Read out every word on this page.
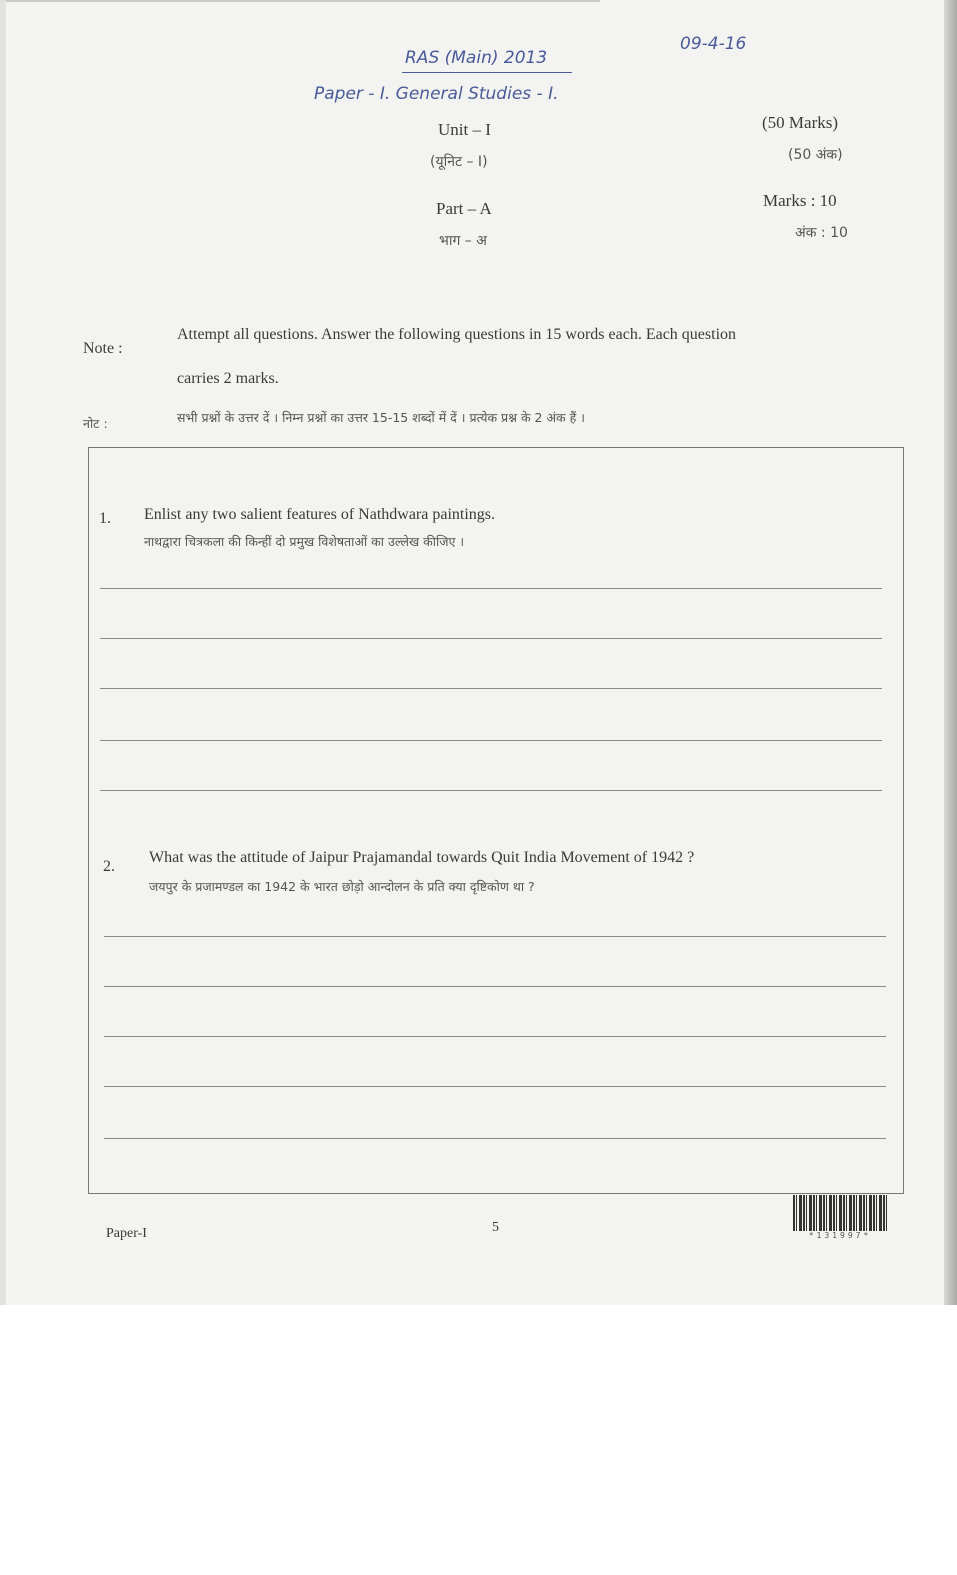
RAS (Main) 2013
09-4-16
Paper - I. General Studies - I.
Unit – I
(यूनिट – I)
Part – A
भाग – अ
(50 Marks)
(50 अंक)
Marks : 10
अंक : 10
Note :
Attempt all questions. Answer the following questions in 15 words each. Each question
carries 2 marks.
नोट :	सभी प्रश्नों के उत्तर दें । निम्न प्रश्नों का उत्तर 15-15 शब्दों में दें । प्रत्येक प्रश्न के 2 अंक हैं ।
1. Enlist any two salient features of Nathdwara paintings.
नाथद्वारा चित्रकला की किन्हीं दो प्रमुख विशेषताओं का उल्लेख कीजिए ।
2.
What was the attitude of Jaipur Prajamandal towards Quit India Movement of 1942 ?
जयपुर के प्रजामण्डल का 1942 के भारत छोड़ो आन्दोलन के प्रति क्या दृष्टिकोण था ?
Paper-I	5
*131997*
